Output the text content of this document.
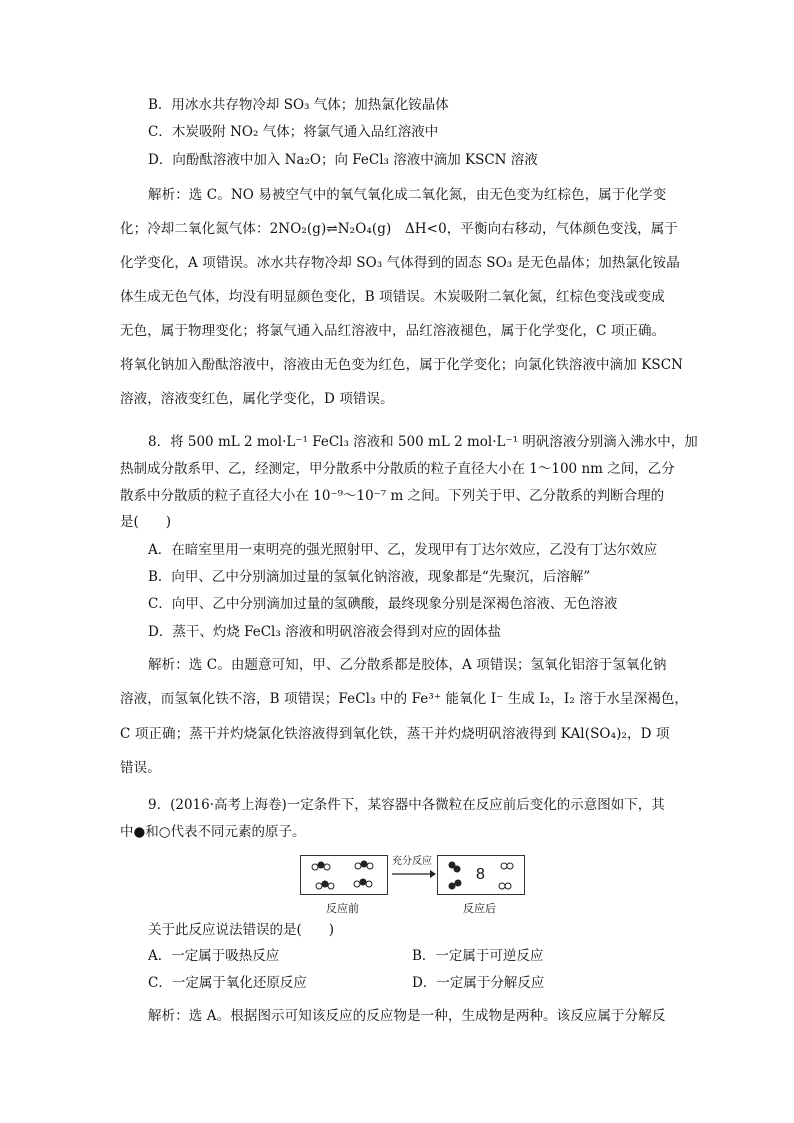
B．用冰水共存物冷却 SO₃ 气体；加热氯化铵晶体
C．木炭吸附 NO₂ 气体；将氯气通入品红溶液中
D．向酚酞溶液中加入 Na₂O；向 FeCl₃ 溶液中滴加 KSCN 溶液
解析：选 C。NO 易被空气中的氧气氧化成二氧化氮，由无色变为红棕色，属于化学变
化；冷却二氧化氮气体：2NO₂(g)⇌N₂O₄(g)　ΔH<0，平衡向右移动，气体颜色变浅，属于
化学变化，A 项错误。冰水共存物冷却 SO₃ 气体得到的固态 SO₃ 是无色晶体；加热氯化铵晶
体生成无色气体，均没有明显颜色变化，B 项错误。木炭吸附二氧化氮，红棕色变浅或变成
无色，属于物理变化；将氯气通入品红溶液中，品红溶液褪色，属于化学变化，C 项正确。
将氧化钠加入酚酞溶液中，溶液由无色变为红色，属于化学变化；向氯化铁溶液中滴加 KSCN
溶液，溶液变红色，属化学变化，D 项错误。
8．将 500 mL 2 mol·L⁻¹ FeCl₃ 溶液和 500 mL 2 mol·L⁻¹ 明矾溶液分别滴入沸水中，加
热制成分散系甲、乙，经测定，甲分散系中分散质的粒子直径大小在 1～100 nm 之间，乙分
散系中分散质的粒子直径大小在 10⁻⁹～10⁻⁷ m 之间。下列关于甲、乙分散系的判断合理的
是(　　)
A．在暗室里用一束明亮的强光照射甲、乙，发现甲有丁达尔效应，乙没有丁达尔效应
B．向甲、乙中分别滴加过量的氢氧化钠溶液，现象都是“先聚沉，后溶解”
C．向甲、乙中分别滴加过量的氢碘酸，最终现象分别是深褐色溶液、无色溶液
D．蒸干、灼烧 FeCl₃ 溶液和明矾溶液会得到对应的固体盐
解析：选 C。由题意可知，甲、乙分散系都是胶体，A 项错误；氢氧化铝溶于氢氧化钠
溶液，而氢氧化铁不溶，B 项错误；FeCl₃ 中的 Fe³⁺ 能氧化 I⁻ 生成 I₂，I₂ 溶于水呈深褐色，
C 项正确；蒸干并灼烧氯化铁溶液得到氧化铁，蒸干并灼烧明矾溶液得到 KAl(SO₄)₂，D 项
错误。
9．(2016·高考上海卷)一定条件下，某容器中各微粒在反应前后变化的示意图如下，其
中●和○代表不同元素的原子。
反应前
充分反应
8
反应后
关于此反应说法错误的是(　　)
A．一定属于吸热反应	B．一定属于可逆反应
C．一定属于氧化还原反应	D．一定属于分解反应
解析：选 A。根据图示可知该反应的反应物是一种，生成物是两种。该反应属于分解反
